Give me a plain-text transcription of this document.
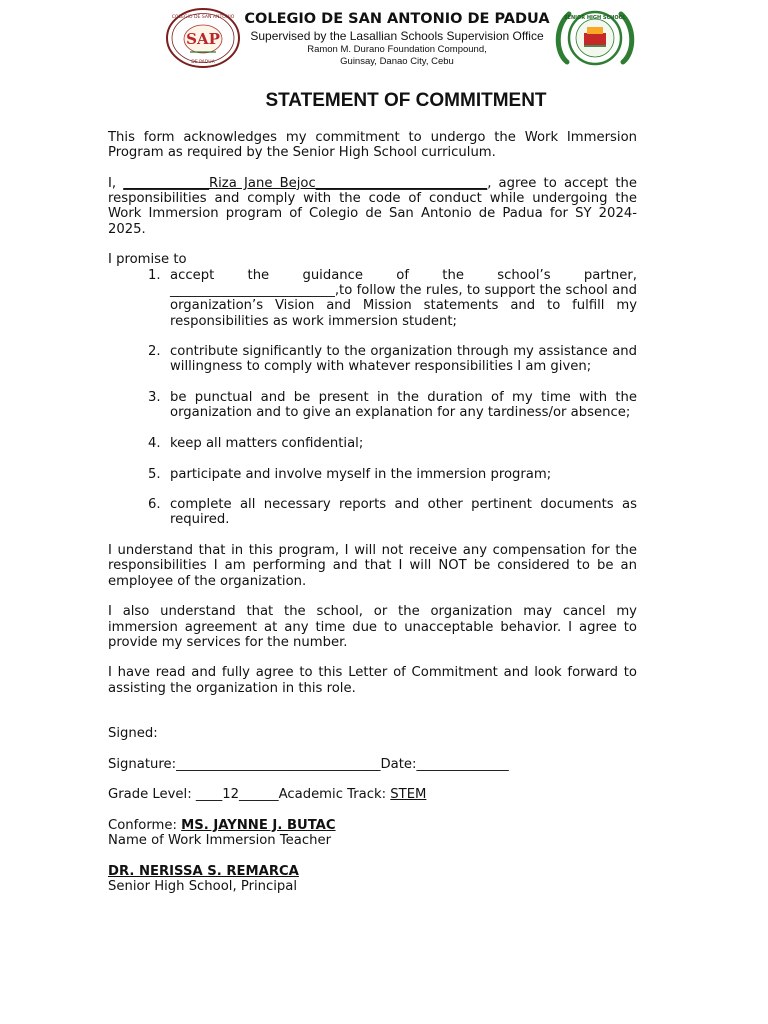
SAP
COLEGIO DE SAN ANTONIO
DE PADUA
COLEGIO DE SAN ANTONIO DE PADUA
Supervised by the Lasallian Schools Supervision Office
Ramon M. Durano Foundation Compound,
Guinsay, Danao City, Cebu
SENIOR HIGH SCHOOL
STATEMENT OF COMMITMENT

This form acknowledges my commitment to undergo the Work Immersion Program as required by the Senior High School curriculum.

I, _____________Riza Jane Bejoc__________________________, agree to accept the responsibilities and comply with the code of conduct while undergoing the Work Immersion program of Colegio de San Antonio de Padua for SY 2024- 2025.

I promise to

1. accept the guidance of the school’s partner, _________________________,to follow the rules, to support the school and organization’s Vision and Mission statements and to fulfill my responsibilities as work immersion student;
2. contribute significantly to the organization through my assistance and willingness to comply with whatever responsibilities I am given;
3. be punctual and be present in the duration of my time with the organization and to give an explanation for any tardiness/or absence;
4. keep all matters confidential;
5. participate and involve myself in the immersion program;
6. complete all necessary reports and other pertinent documents as required.

I understand that in this program, I will not receive any compensation for the responsibilities I am performing and that I will NOT be considered to be an employee of the organization.

I also understand that the school, or the organization may cancel my immersion agreement at any time due to unacceptable behavior. I agree to provide my services for the number.

I have read and fully agree to this Letter of Commitment and look forward to assisting the organization in this role.

Signed:

Signature:_______________________________Date:______________

Grade Level: ____12______Academic Track: STEM

Conforme: MS. JAYNNE J. BUTAC

Name of Work Immersion Teacher

DR. NERISSA S. REMARCA

Senior High School, Principal
